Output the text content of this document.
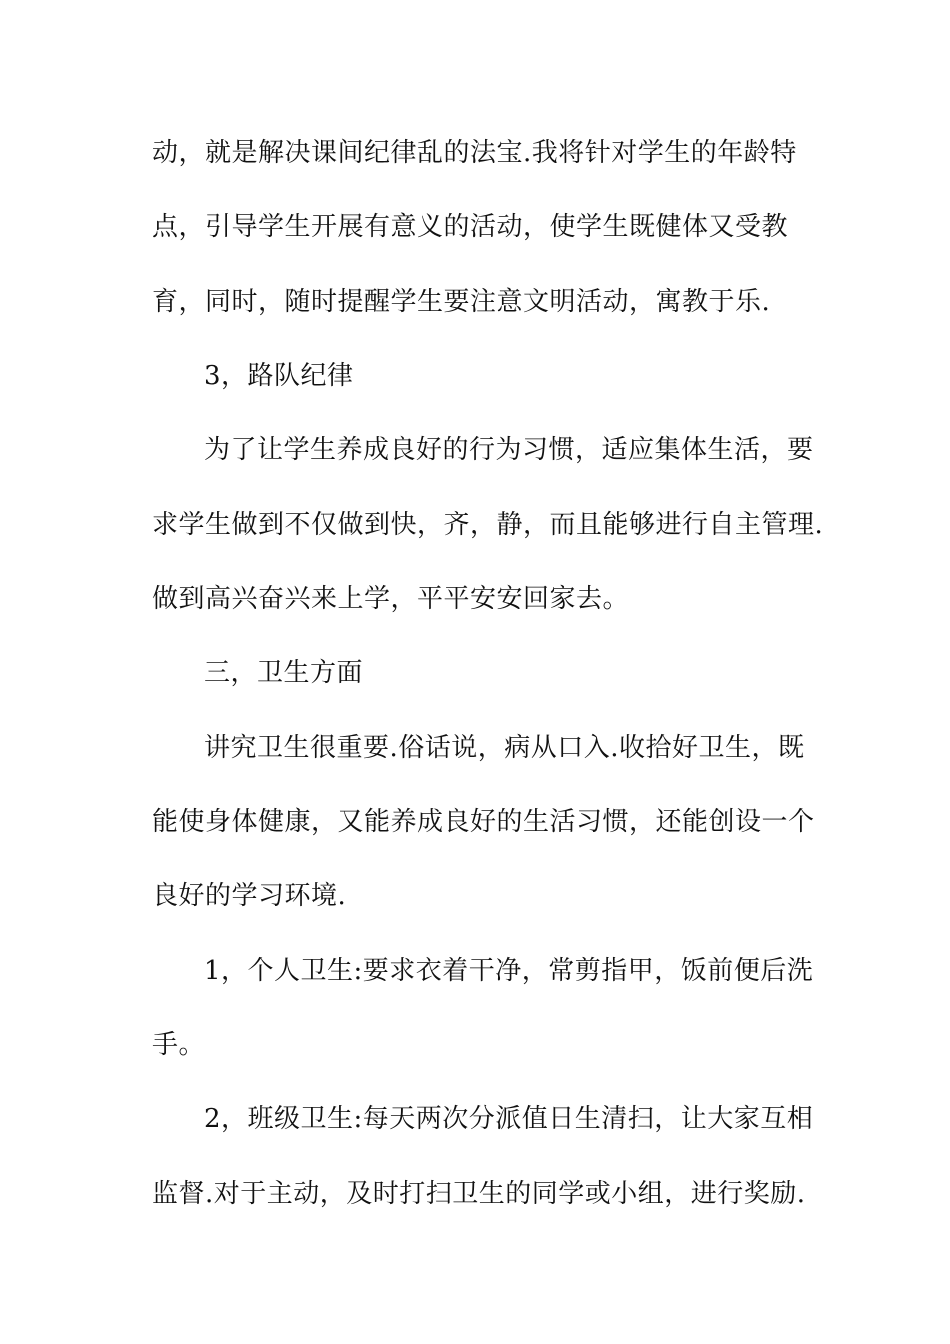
动，就是解决课间纪律乱的法宝.我将针对学生的年龄特
点，引导学生开展有意义的活动，使学生既健体又受教
育，同时，随时提醒学生要注意文明活动，寓教于乐.
3，路队纪律
为了让学生养成良好的行为习惯，适应集体生活，要
求学生做到不仅做到快，齐，静，而且能够进行自主管理.
做到高兴奋兴来上学，平平安安回家去。
三，卫生方面
讲究卫生很重要.俗话说，病从口入.收拾好卫生，既
能使身体健康，又能养成良好的生活习惯，还能创设一个
良好的学习环境.
1，个人卫生:要求衣着干净，常剪指甲，饭前便后洗
手。
2，班级卫生:每天两次分派值日生清扫，让大家互相
监督.对于主动，及时打扫卫生的同学或小组，进行奖励.
